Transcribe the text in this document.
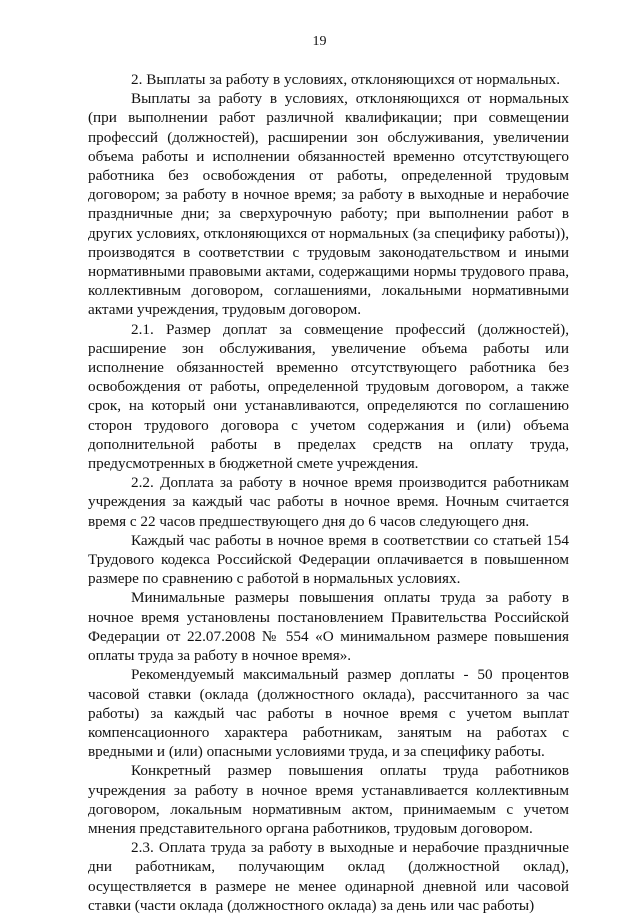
19

2. Выплаты за работу в условиях, отклоняющихся от нормальных.

Выплаты за работу в условиях, отклоняющихся от нормальных (при выполнении работ различной квалификации; при совмещении профессий (должностей), расширении зон обслуживания, увеличении объема работы и исполнении обязанностей временно отсутствующего работника без освобождения от работы, определенной трудовым договором; за работу в ночное время; за работу в выходные и нерабочие праздничные дни; за сверхурочную работу; при выполнении работ в других условиях, отклоняющихся от нормальных (за специфику работы)), производятся в соответствии с трудовым законодательством и иными нормативными правовыми актами, содержащими нормы трудового права, коллективным договором, соглашениями, локальными нормативными актами учреждения, трудовым договором.

2.1. Размер доплат за совмещение профессий (должностей), расширение зон обслуживания, увеличение объема работы или исполнение обязанностей временно отсутствующего работника без освобождения от работы, определенной трудовым договором, а также срок, на который они устанавливаются, определяются по соглашению сторон трудового договора с учетом содержания и (или) объема дополнительной работы в пределах средств на оплату труда, предусмотренных в бюджетной смете учреждения.

2.2. Доплата за работу в ночное время производится работникам учреждения за каждый час работы в ночное время. Ночным считается время с 22 часов предшествующего дня до 6 часов следующего дня.

Каждый час работы в ночное время в соответствии со статьей 154 Трудового кодекса Российской Федерации оплачивается в повышенном размере по сравнению с работой в нормальных условиях.

Минимальные размеры повышения оплаты труда за работу в ночное время установлены постановлением Правительства Российской Федерации от 22.07.2008 № 554 «О минимальном размере повышения оплаты труда за работу в ночное время».

Рекомендуемый максимальный размер доплаты - 50 процентов часовой ставки (оклада (должностного оклада), рассчитанного за час работы) за каждый час работы в ночное время с учетом выплат компенсационного характера работникам, занятым на работах с вредными и (или) опасными условиями труда, и за специфику работы.

Конкретный размер повышения оплаты труда работников учреждения за работу в ночное время устанавливается коллективным договором, локальным нормативным актом, принимаемым с учетом мнения представительного органа работников, трудовым договором.

2.3. Оплата труда за работу в выходные и нерабочие праздничные дни работникам, получающим оклад (должностной оклад), осуществляется в размере не менее одинарной дневной или часовой ставки (части оклада (должностного оклада) за день или час работы)
